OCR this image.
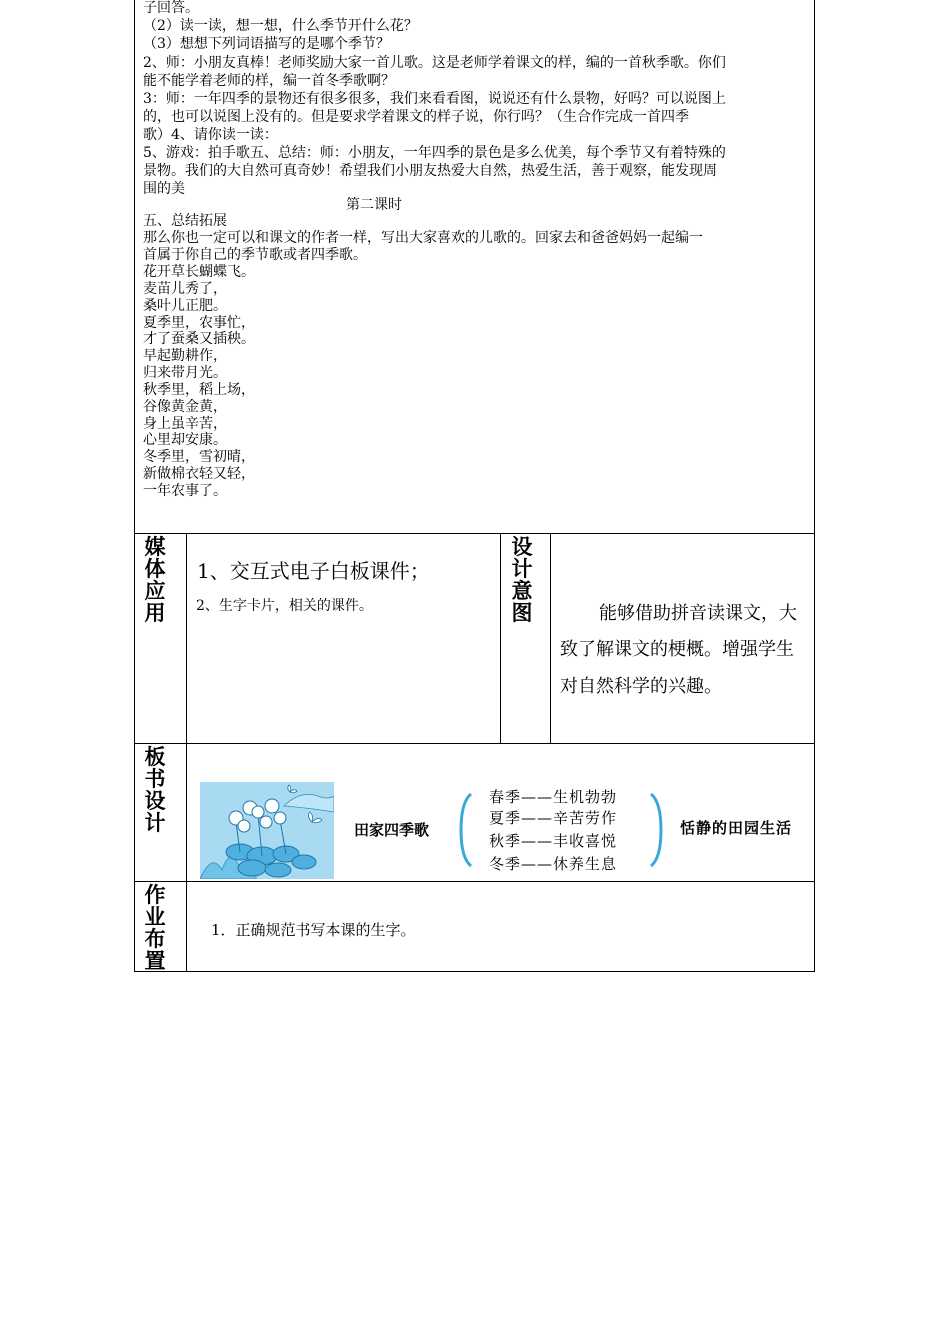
子回答。
（2）读一读，想一想，什么季节开什么花？
（3）想想下列词语描写的是哪个季节？
2、师：小朋友真棒！老师奖励大家一首儿歌。这是老师学着课文的样，编的一首秋季歌。你们
能不能学着老师的样，编一首冬季歌啊？
3：师：一年四季的景物还有很多很多，我们来看看图，说说还有什么景物，好吗？可以说图上
的，也可以说图上没有的。但是要求学着课文的样子说，你行吗？（生合作完成一首四季
歌）4、请你读一读：
5、游戏：拍手歌五、总结：师：小朋友，一年四季的景色是多么优美，每个季节又有着特殊的
景物。我们的大自然可真奇妙！希望我们小朋友热爱大自然，热爱生活，善于观察，能发现周
围的美
第二课时
五、总结拓展
那么你也一定可以和课文的作者一样，写出大家喜欢的儿歌的。回家去和爸爸妈妈一起编一
首属于你自己的季节歌或者四季歌。
花开草长蝴蝶飞。
麦苗儿秀了，
桑叶儿正肥。
夏季里，农事忙，
才了蚕桑又插秧。
早起勤耕作，
归来带月光。
秋季里，稻上场，
谷像黄金黄，
身上虽辛苦，
心里却安康。
冬季里，雪初晴，
新做棉衣轻又轻，
一年农事了。
媒
体
应
用
1、交互式电子白板课件；
2、生字卡片，相关的课件。
设
计
意
图	能够借助拼音读课文，大
致了解课文的梗概。增强学生
对自然科学的兴趣。
板
书
设
计	田家四季歌
春季——生机勃勃
夏季——辛苦劳作
秋季——丰收喜悦
冬季——休养生息
恬静的田园生活
作
业
布
置
1．正确规范书写本课的生字。
